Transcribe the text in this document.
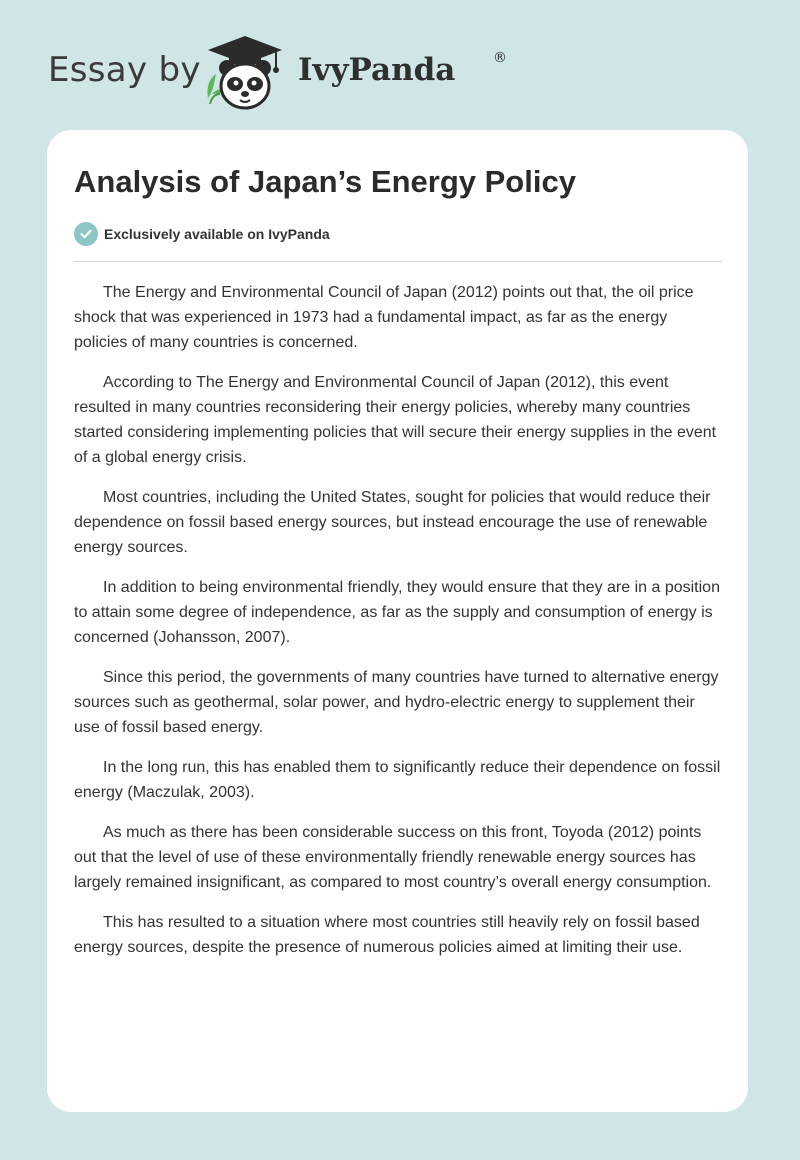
Essay by	IvyPanda	®
Analysis of Japan’s Energy Policy
Exclusively available on IvyPanda

The Energy and Environmental Council of Japan (2012) points out that, the oil price shock that was experienced in 1973 had a fundamental impact, as far as the energy policies of many countries is concerned.

According to The Energy and Environmental Council of Japan (2012), this event resulted in many countries reconsidering their energy policies, whereby many countries started considering implementing policies that will secure their energy supplies in the event of a global energy crisis.

Most countries, including the United States, sought for policies that would reduce their dependence on fossil based energy sources, but instead encourage the use of renewable energy sources.

In addition to being environmental friendly, they would ensure that they are in a position to attain some degree of independence, as far as the supply and consumption of energy is concerned (Johansson, 2007).

Since this period, the governments of many countries have turned to alternative energy sources such as geothermal, solar power, and hydro-electric energy to supplement their use of fossil based energy.

In the long run, this has enabled them to significantly reduce their dependence on fossil energy (Maczulak, 2003).

As much as there has been considerable success on this front, Toyoda (2012) points out that the level of use of these environmentally friendly renewable energy sources has largely remained insignificant, as compared to most country’s overall energy consumption.

This has resulted to a situation where most countries still heavily rely on fossil based energy sources, despite the presence of numerous policies aimed at limiting their use.
